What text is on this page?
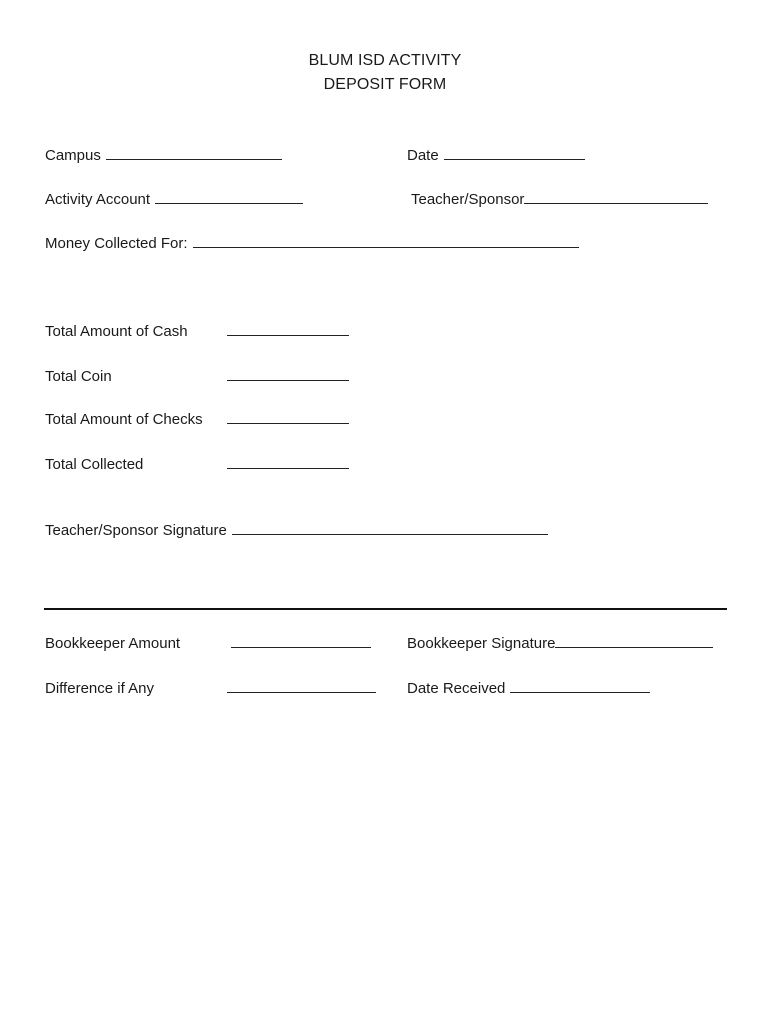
BLUM ISD ACTIVITY
DEPOSIT FORM
Campus	Date
Activity Account	Teacher/Sponsor
Money Collected For:
Total Amount of Cash
Total Coin
Total Amount of Checks
Total Collected
Teacher/Sponsor Signature
Bookkeeper Amount	Bookkeeper Signature
Difference if Any	Date Received
